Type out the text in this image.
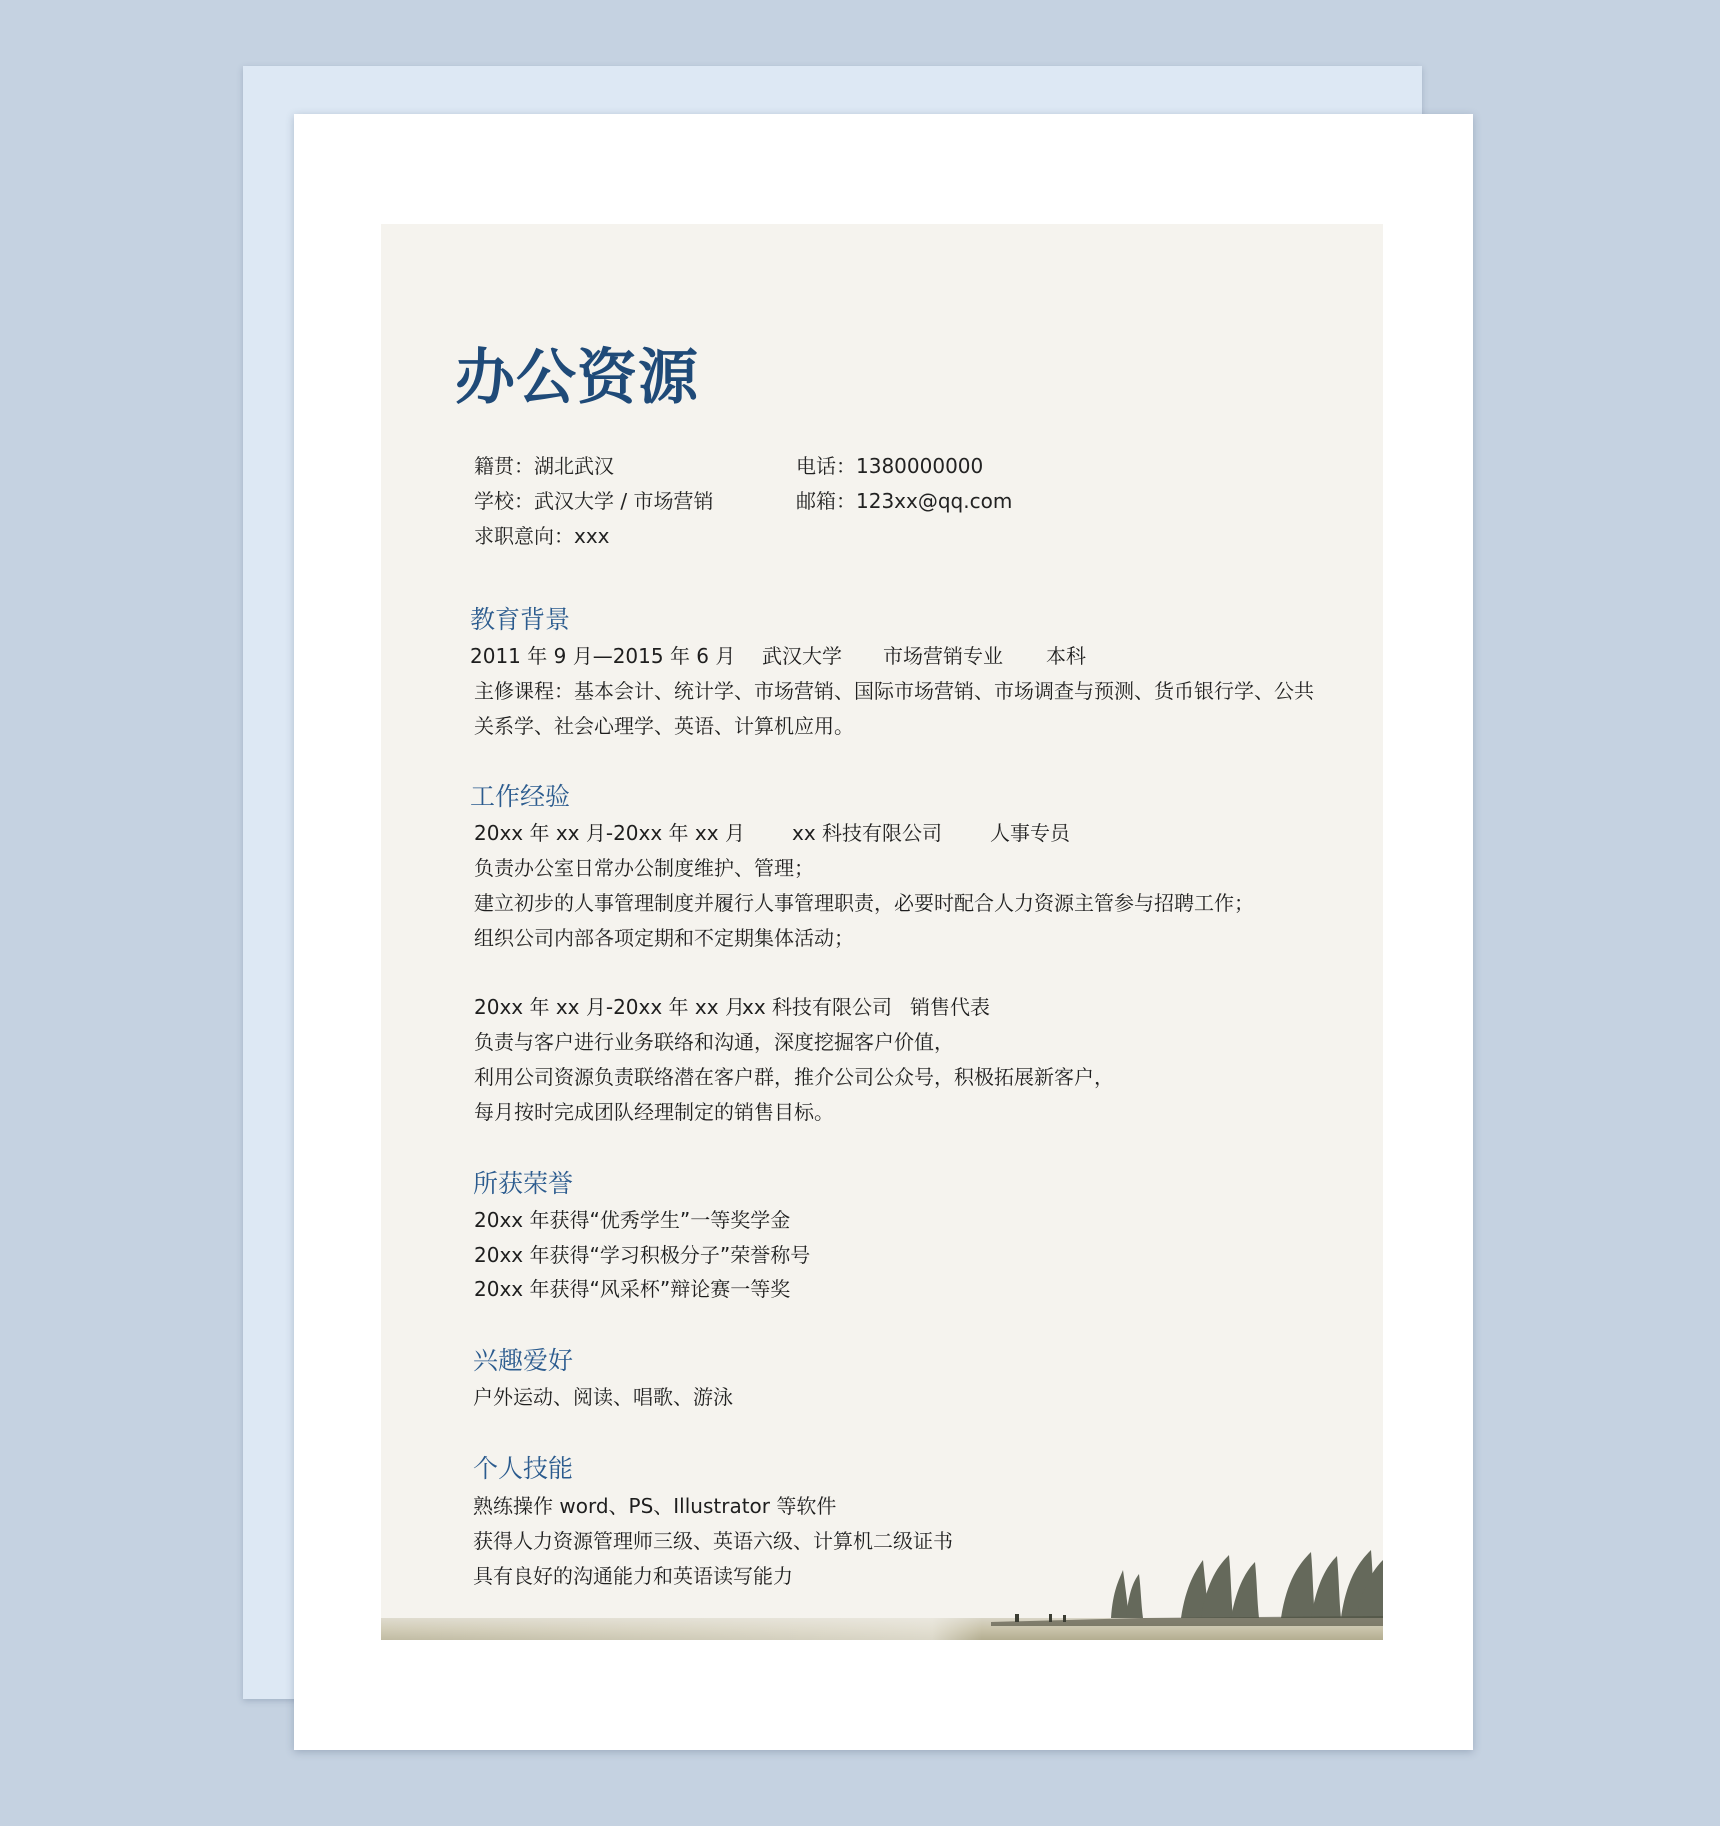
办公资源
籍贯：湖北武汉	电话：1380000000
学校：武汉大学 / 市场营销	邮箱：123xx@qq.com
求职意向：xxx
教育背景
2011 年 9 月—2015 年 6 月 武汉大学 市场营销专业 本科
主修课程：基本会计、统计学、市场营销、国际市场营销、市场调查与预测、货币银行学、公共
关系学、社会心理学、英语、计算机应用。
工作经验
20xx 年 xx 月-20xx 年 xx 月 xx 科技有限公司 人事专员
负责办公室日常办公制度维护、管理；
建立初步的人事管理制度并履行人事管理职责，必要时配合人力资源主管参与招聘工作；
组织公司内部各项定期和不定期集体活动；
20xx 年 xx 月-20xx 年 xx 月xx 科技有限公司 销售代表
负责与客户进行业务联络和沟通，深度挖掘客户价值，
利用公司资源负责联络潜在客户群，推介公司公众号，积极拓展新客户，
每月按时完成团队经理制定的销售目标。
所获荣誉
20xx 年获得“优秀学生”一等奖学金
20xx 年获得“学习积极分子”荣誉称号
20xx 年获得“风采杯”辩论赛一等奖
兴趣爱好
户外运动、阅读、唱歌、游泳
个人技能
熟练操作 word、PS、Illustrator 等软件
获得人力资源管理师三级、英语六级、计算机二级证书
具有良好的沟通能力和英语读写能力
